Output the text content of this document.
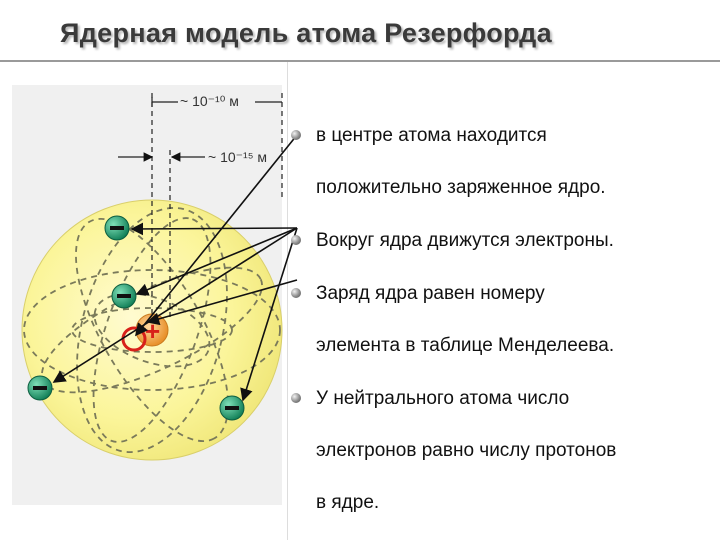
Ядерная модель атома Резерфорда
~ 10⁻¹⁰ м
~ 10⁻¹⁵ м
+
в центре атома находится
положительно заряженное ядро.
Вокруг ядра движутся электроны.
Заряд ядра равен номеру
элемента в таблице Менделеева.
У нейтрального атома число
электронов равно числу протонов
в ядре.
